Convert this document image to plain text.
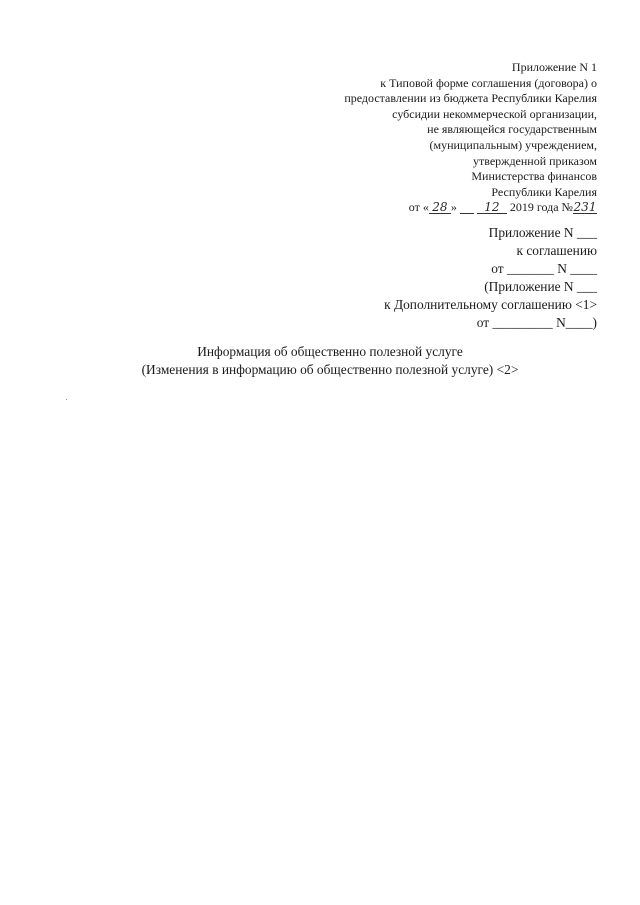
Приложение N 1
к Типовой форме соглашения (договора) о
предоставлении из бюджета Республики Карелия
субсидии некоммерческой организации,
не являющейся государственным
(муниципальным) учреждением,
утвержденной приказом
Министерства финансов
Республики Карелия
от « 28 » 12 2019 года №231
Приложение N ___
к соглашению
от _______ N ____
(Приложение N ___
к Дополнительному соглашению <1>
от _________ N____)
Информация об общественно полезной услуге
(Изменения в информацию об общественно полезной услуге) <2>
